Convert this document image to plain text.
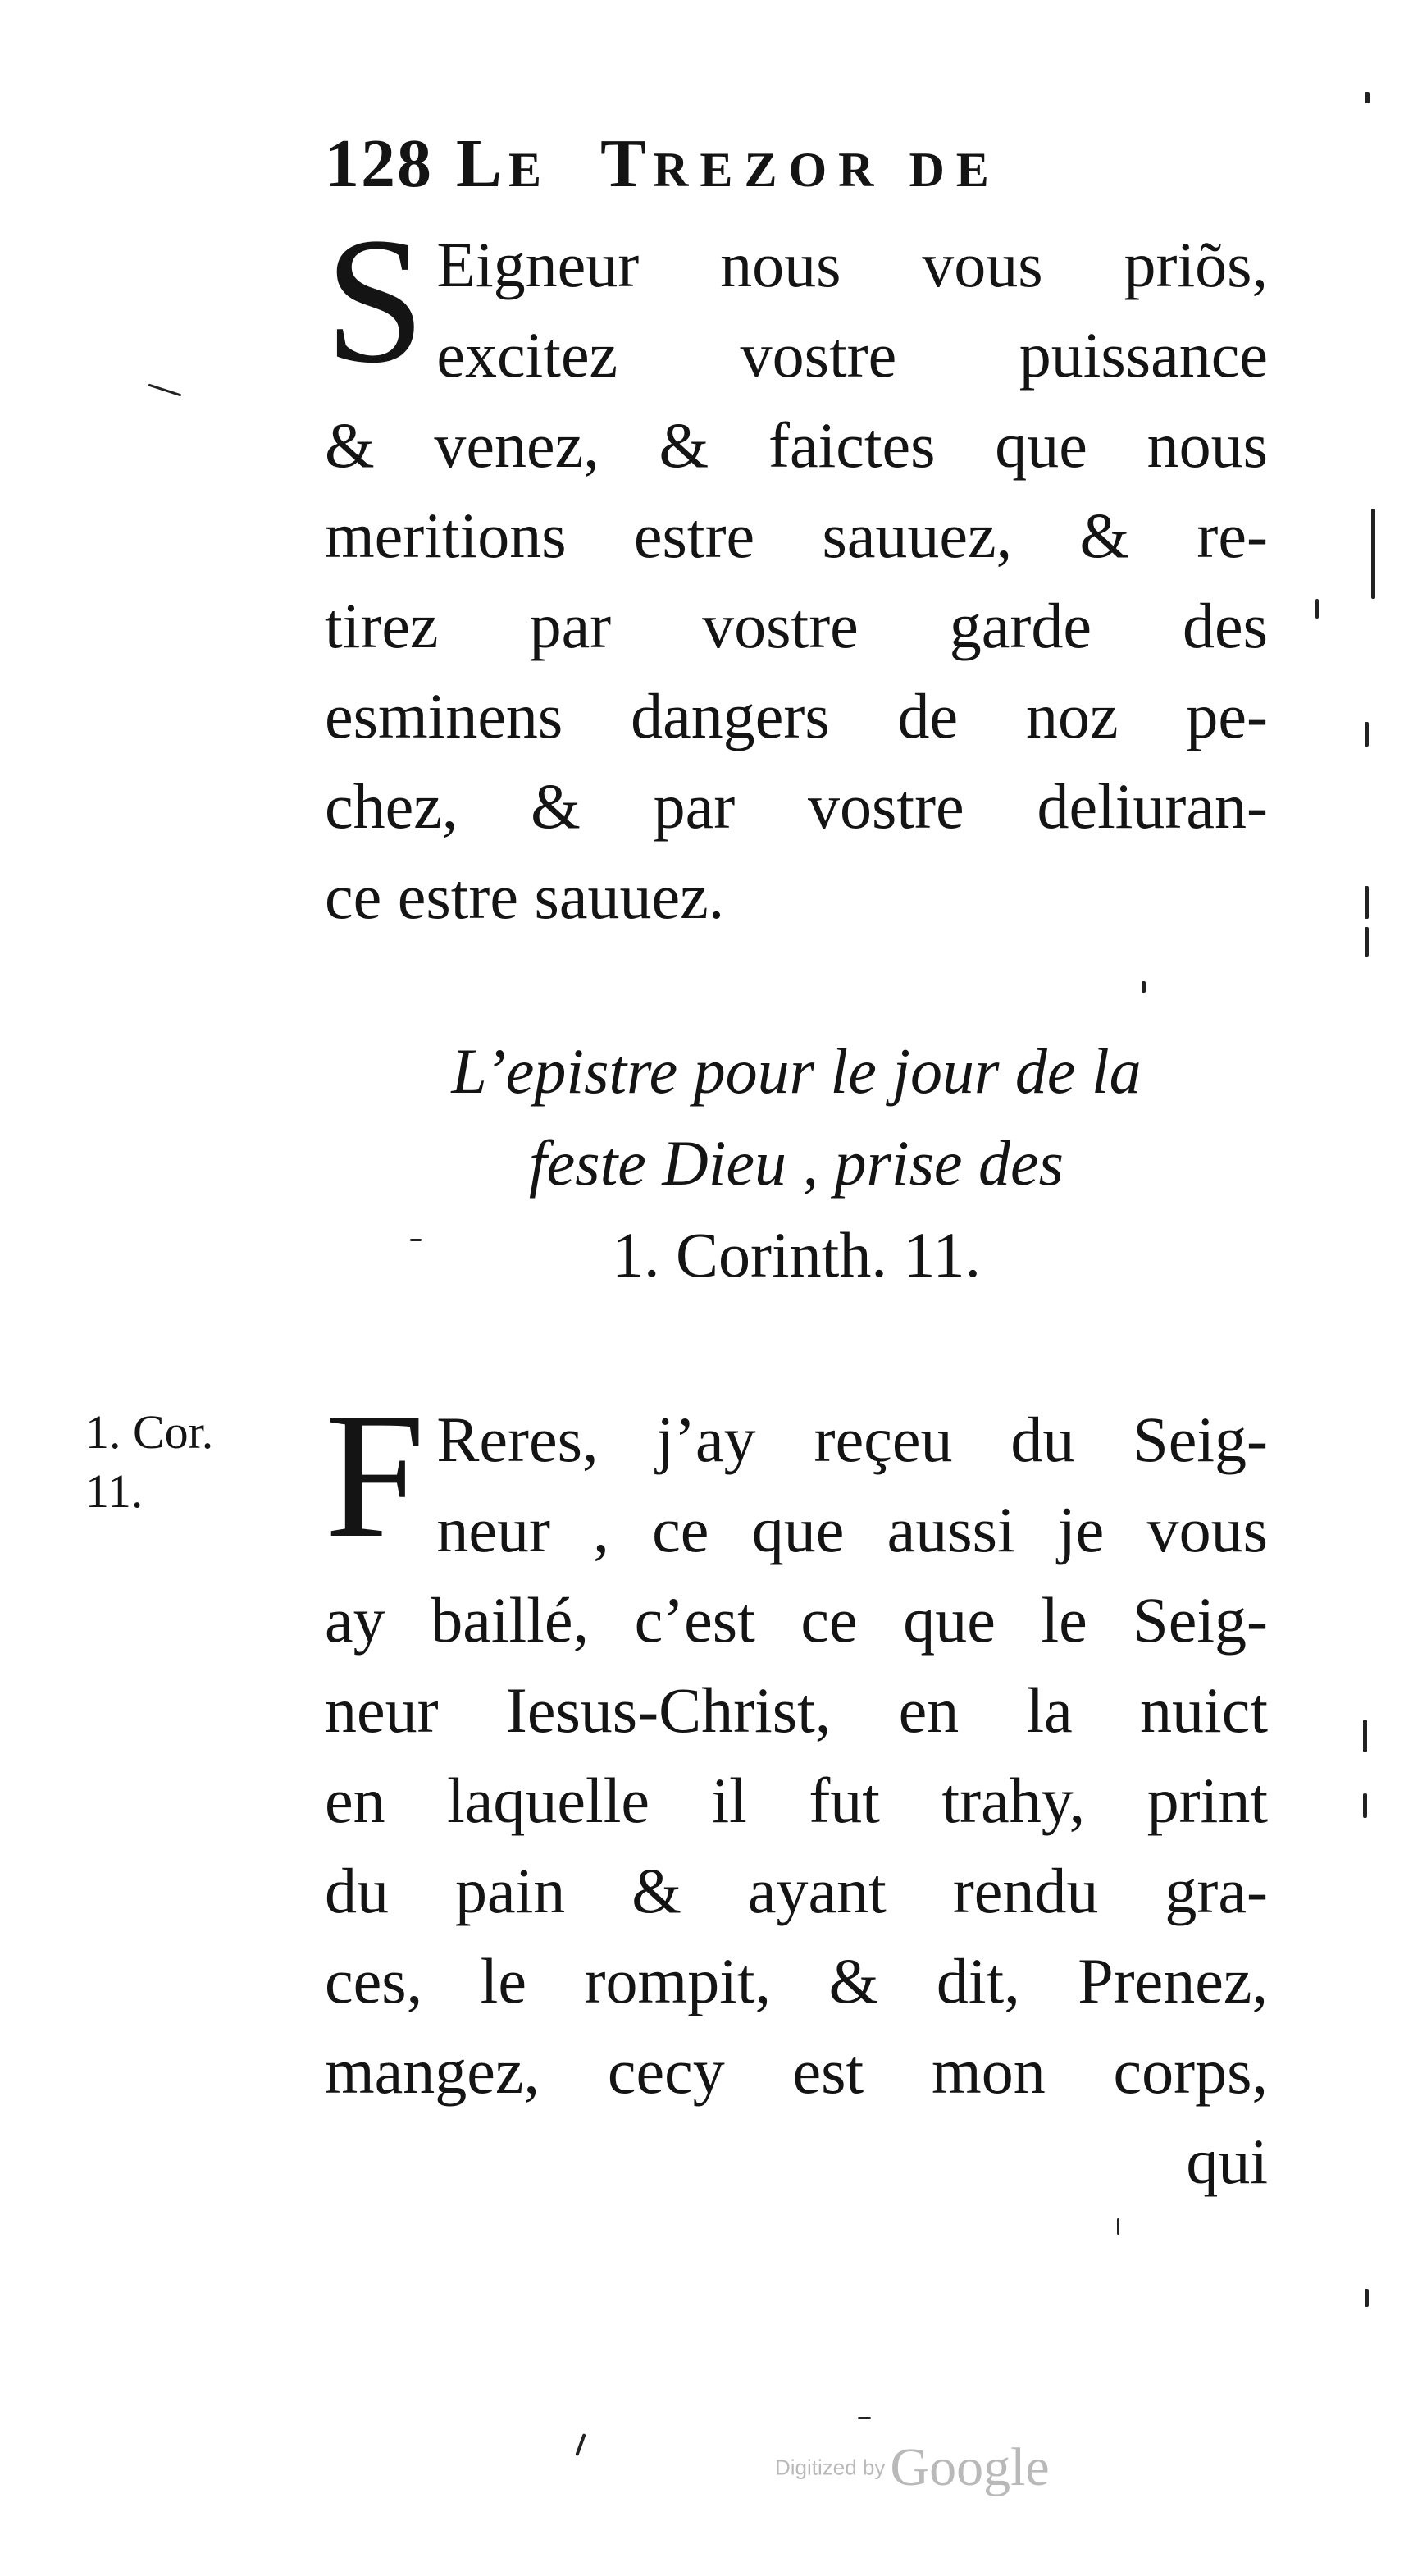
128 LE TREZOR DE
S Eigneur nous vous priõs,
excitez vostre puissance
& venez, & faictes que nous
meritions estre sauuez, & re-
tirez par vostre garde des
esminens dangers de noz pe-
chez, & par vostre deliuran-
ce estre sauuez.
L’epistre pour le jour de la
feste Dieu , prise des
1. Corinth. 11.
1. Cor.
11.	F Reres, j’ay reçeu du Seig-
neur , ce que aussi je vous
ay baillé, c’est ce que le Seig-
neur Iesus-Christ, en la nuict
en laquelle il fut trahy, print
du pain & ayant rendu gra-
ces, le rompit, & dit, Prenez,
mangez, cecy est mon corps,
qui
Digitized byGoogle
